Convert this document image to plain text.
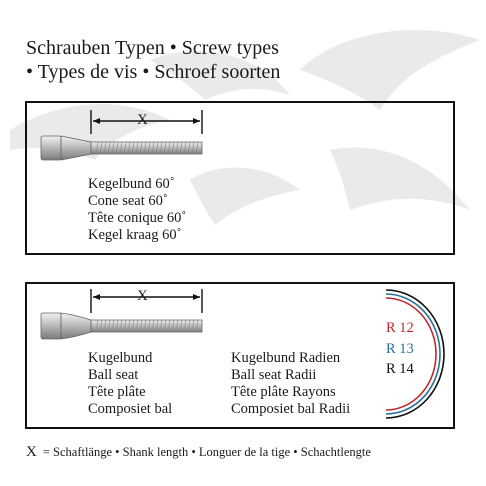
Schrauben Typen • Screw types
• Types de vis • Schroef soorten
X
Kegelbund 60˚
Cone seat 60˚
Tête conique 60˚
Kegel kraag 60˚
X
Kugelbund
Ball seat
Tête plâte
Composiet bal
Kugelbund Radien
Ball seat Radii
Tête plâte Rayons
Composiet bal Radii
R 12
R 13
R 14
X = Schaftlänge • Shank length • Longuer de la tige • Schachtlengte
